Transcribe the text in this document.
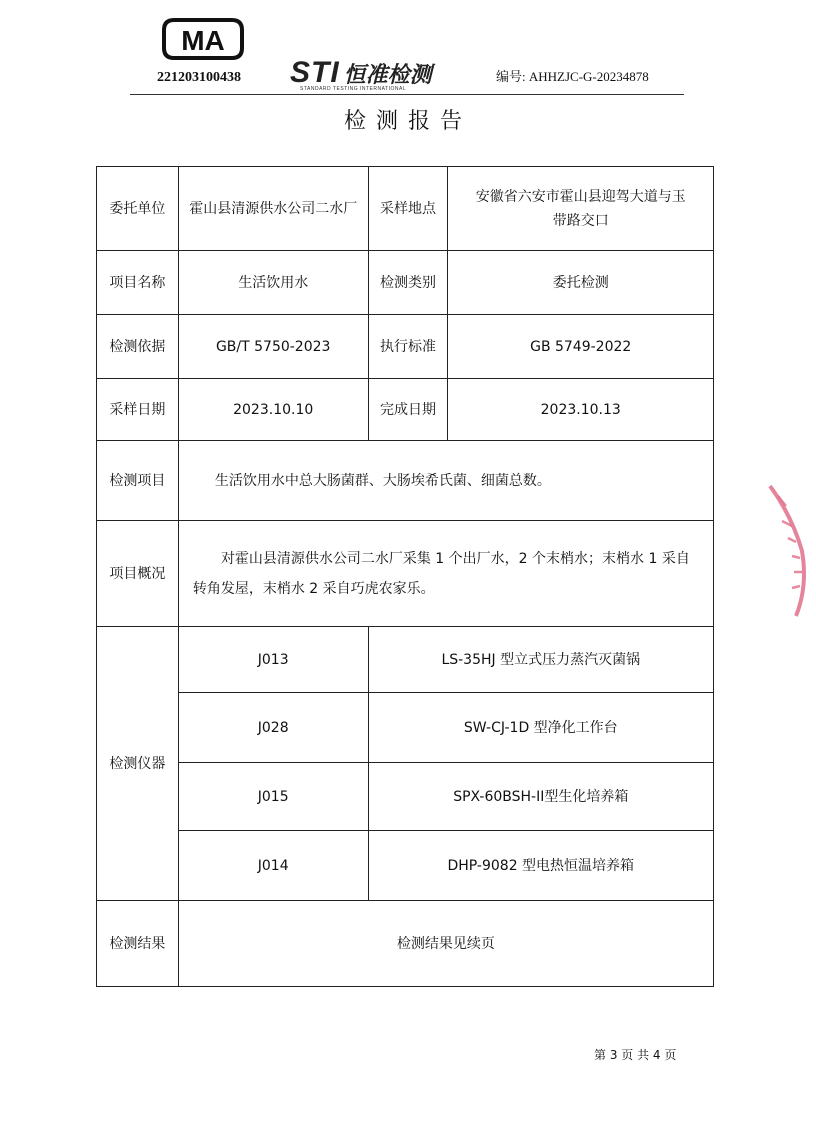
MA
221203100438 STI 恒准检测
STANDARD TESTING INTERNATIONAL
编号: AHHZJC-G-20234878
检测报告
委托单位	霍山县清源供水公司二水厂	采样地点	安徽省六安市霍山县迎驾大道与玉带路交口
项目名称	生活饮用水	检测类别	委托检测
检测依据	GB/T 5750-2023	执行标准	GB 5749-2022
采样日期	2023.10.10	完成日期	2023.10.13
检测项目	生活饮用水中总大肠菌群、大肠埃希氏菌、细菌总数。		
项目概况	对霍山县清源供水公司二水厂采集 1 个出厂水，2 个末梢水；末梢水 1 采自转角发屋，末梢水 2 采自巧虎农家乐。		
检测仪器	J013	LS-35HJ 型立式压力蒸汽灭菌锅	
	J028	SW-CJ-1D 型净化工作台	
	J015	SPX-60BSH-II型生化培养箱	
	J014	DHP-9082 型电热恒温培养箱	
检测结果	检测结果见续页		
第 3 页 共 4 页
